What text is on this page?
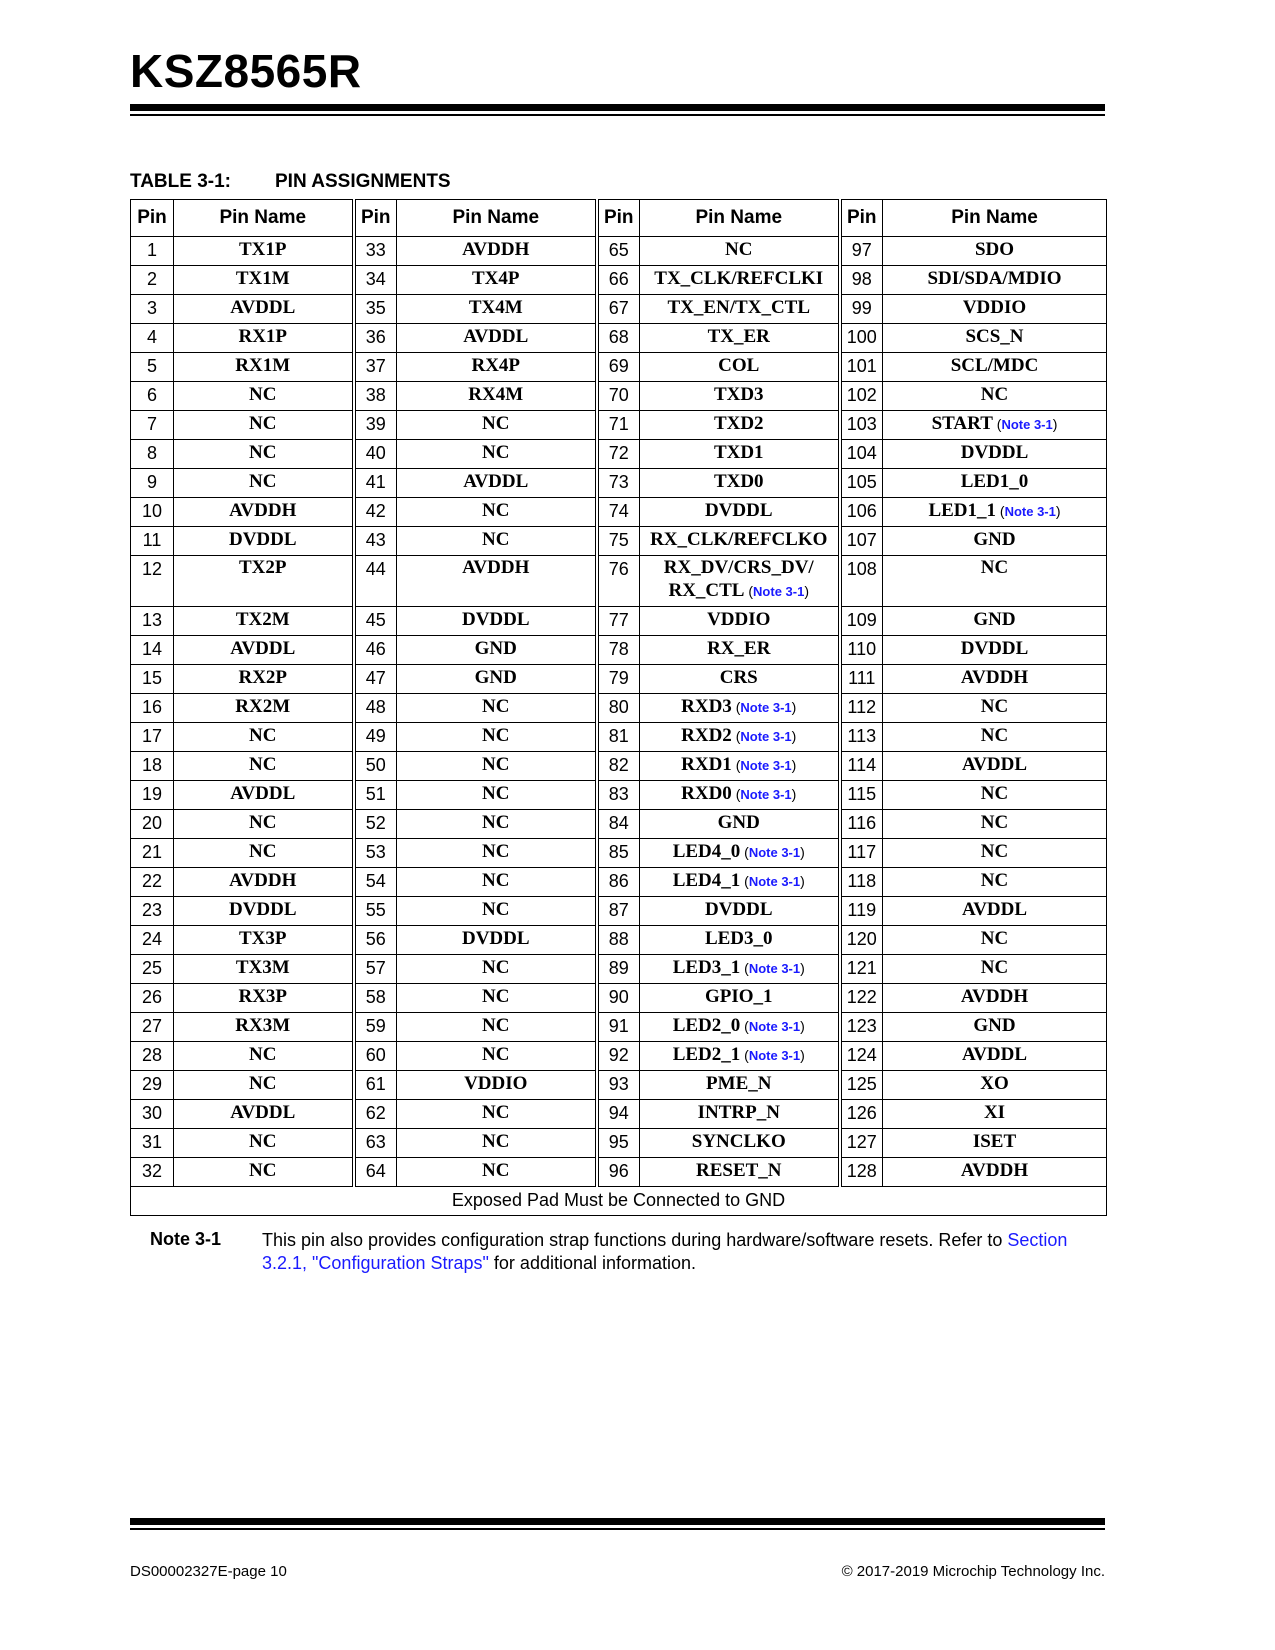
KSZ8565R
TABLE 3-1: PIN ASSIGNMENTS
Pin	Pin Name	Pin	Pin Name	Pin	Pin Name	Pin	Pin Name
1	TX1P	33	AVDDH	65	NC	97	SDO
2	TX1M	34	TX4P	66	TX_CLK/REFCLKI	98	SDI/SDA/MDIO
3	AVDDL	35	TX4M	67	TX_EN/TX_CTL	99	VDDIO
4	RX1P	36	AVDDL	68	TX_ER	100	SCS_N
5	RX1M	37	RX4P	69	COL	101	SCL/MDC
6	NC	38	RX4M	70	TXD3	102	NC
7	NC	39	NC	71	TXD2	103	START (Note 3-1)
8	NC	40	NC	72	TXD1	104	DVDDL
9	NC	41	AVDDL	73	TXD0	105	LED1_0
10	AVDDH	42	NC	74	DVDDL	106	LED1_1 (Note 3-1)
11	DVDDL	43	NC	75	RX_CLK/REFCLKO	107	GND
12	TX2P	44	AVDDH	76	RX_DV/CRS_DV/
RX_CTL (Note 3-1)	108	NC
13	TX2M	45	DVDDL	77	VDDIO	109	GND
14	AVDDL	46	GND	78	RX_ER	110	DVDDL
15	RX2P	47	GND	79	CRS	111	AVDDH
16	RX2M	48	NC	80	RXD3 (Note 3-1)	112	NC
17	NC	49	NC	81	RXD2 (Note 3-1)	113	NC
18	NC	50	NC	82	RXD1 (Note 3-1)	114	AVDDL
19	AVDDL	51	NC	83	RXD0 (Note 3-1)	115	NC
20	NC	52	NC	84	GND	116	NC
21	NC	53	NC	85	LED4_0 (Note 3-1)	117	NC
22	AVDDH	54	NC	86	LED4_1 (Note 3-1)	118	NC
23	DVDDL	55	NC	87	DVDDL	119	AVDDL
24	TX3P	56	DVDDL	88	LED3_0	120	NC
25	TX3M	57	NC	89	LED3_1 (Note 3-1)	121	NC
26	RX3P	58	NC	90	GPIO_1	122	AVDDH
27	RX3M	59	NC	91	LED2_0 (Note 3-1)	123	GND
28	NC	60	NC	92	LED2_1 (Note 3-1)	124	AVDDL
29	NC	61	VDDIO	93	PME_N	125	XO
30	AVDDL	62	NC	94	INTRP_N	126	XI
31	NC	63	NC	95	SYNCLKO	127	ISET
32	NC	64	NC	96	RESET_N	128	AVDDH
Exposed Pad Must be Connected to GND							
Note 3-1 This pin also provides configuration strap functions during hardware/software resets. Refer to Section 3.2.1, "Configuration Straps" for additional information.
DS00002327E-page 10	© 2017-2019 Microchip Technology Inc.
